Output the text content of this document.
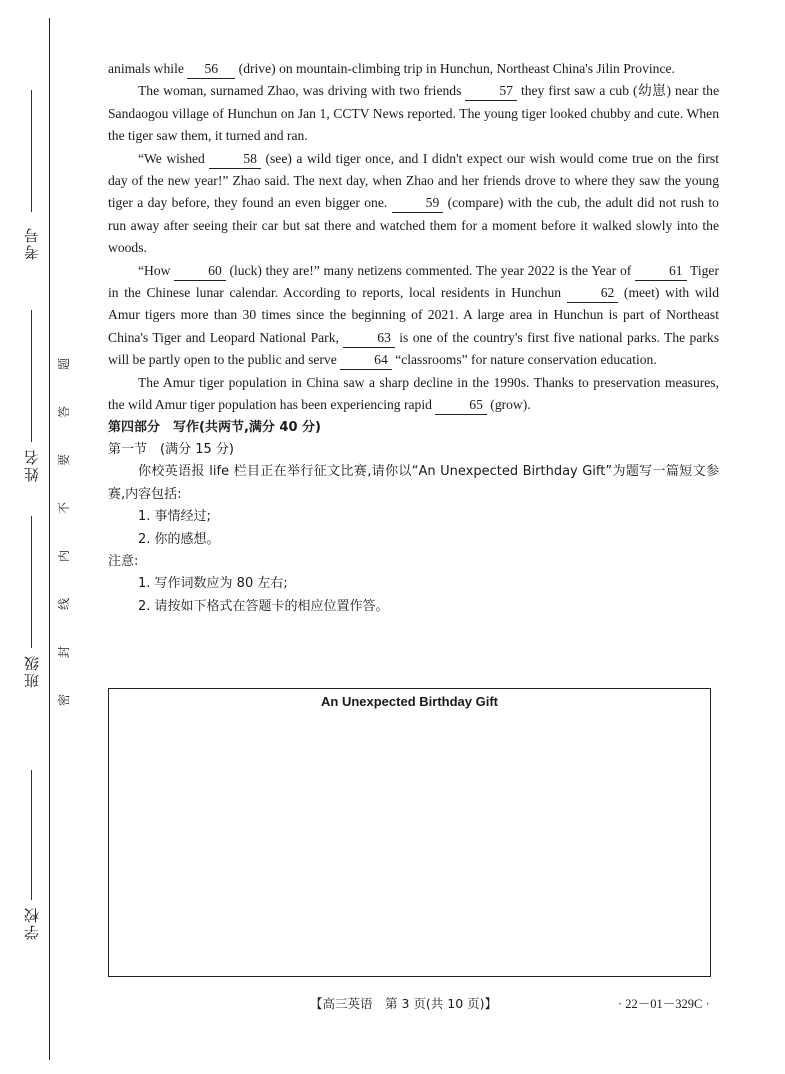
考号
姓名
班级
学校
题
答
要
不
内
线
封
密

animals while 56 (drive) on mountain-climbing trip in Hunchun, Northeast China's Jilin Province.

The woman, surnamed Zhao, was driving with two friends	57 they first saw a cub (幼崽) near the Sandaogou village of Hunchun on Jan 1, CCTV News reported. The young tiger looked chubby and cute. When the tiger saw them, it turned and ran.

“We wished	58 (see) a wild tiger once, and I didn't expect our wish would come true on the first day of the new year!” Zhao said. The next day, when Zhao and her friends drove to where they saw the young tiger a day before, they found an even bigger one.	59 (compare) with the cub, the adult did not rush to run away after seeing their car but sat there and watched them for a moment before it walked slowly into the woods.

“How	60 (luck) they are!” many netizens commented. The year 2022 is the Year of	61 Tiger in the Chinese lunar calendar. According to reports, local residents in Hunchun	62 (meet) with wild Amur tigers more than 30 times since the beginning of 2021. A large area in Hunchun is part of Northeast China's Tiger and Leopard National Park,	63 is one of the country's first five national parks. The parks will be partly open to the public and serve	64 “classrooms” for nature conservation education.

The Amur tiger population in China saw a sharp decline in the 1990s. Thanks to preservation measures, the wild Amur tiger population has been experiencing rapid	65 (grow).

第四部分　写作(共两节,满分 40 分)

第一节　(满分 15 分)

你校英语报 life 栏目正在举行征文比赛,请你以“An Unexpected Birthday Gift”为题写一篇短文参赛,内容包括:

1. 事情经过;

2. 你的感想。

注意:

1. 写作词数应为 80 左右;

2. 请按如下格式在答题卡的相应位置作答。

An Unexpected Birthday Gift
【高三英语　第 3 页(共 10 页)】	· 22－01－329C ·
